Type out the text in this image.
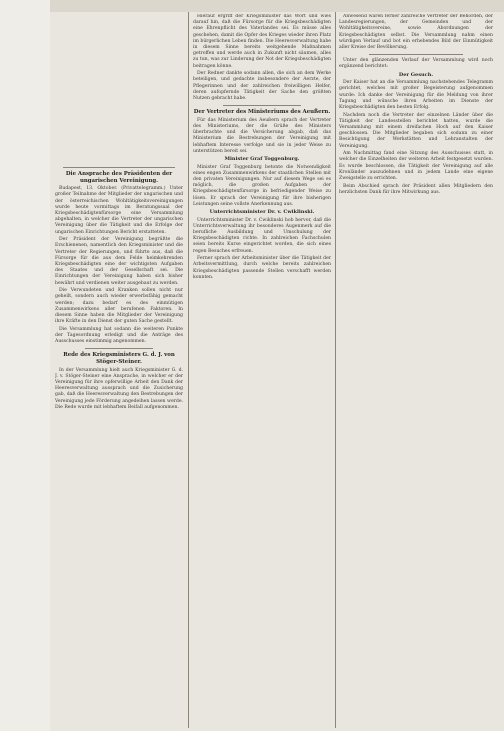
Die Ansprache des Präsidenten der ungarischen Vereinigung.

Budapest, 13. Oktober. (Privattelegramm.) Unter großer Teilnahme der Mitglieder der ungarischen und der österreichischen Wohltätigkeitsvereinigungen wurde heute vormittags im Beratungssaal der Kriegsbeschädigtenfürsorge eine Versammlung abgehalten, in welcher die Vertreter der ungarischen Vereinigung über die Tätigkeit und die Erfolge der ungarischen Einrichtungen Bericht erstatteten.

Der Präsident der Vereinigung begrüßte die Erschienenen, namentlich den Kriegsminister und die Vertreter der Regierungen, und führte aus, daß die Fürsorge für die aus dem Felde heimkehrenden Kriegsbeschädigten eine der wichtigsten Aufgaben des Staates und der Gesellschaft sei. Die Einrichtungen der Vereinigung haben sich bisher bewährt und verdienen weiter ausgebaut zu werden.

Die Verwundeten und Kranken sollen nicht nur geheilt, sondern auch wieder erwerbsfähig gemacht werden; dazu bedarf es des einmütigen Zusammenwirkens aller berufenen Faktoren. In diesem Sinne haben die Mitglieder der Vereinigung ihre Kräfte in den Dienst der guten Sache gestellt.

Die Versammlung hat sodann die weiteren Punkte der Tagesordnung erledigt und die Anträge des Ausschusses einstimmig angenommen.

Rede des Kriegsministers G. d. J. von Stöger-Steiner.

In der Versammlung hielt auch Kriegsminister G. d. J. v. Stöger-Steiner eine Ansprache, in welcher er der Vereinigung für ihre opferwillige Arbeit den Dank der Heeresverwaltung aussprach und die Zusicherung gab, daß die Heeresverwaltung den Bestrebungen der Vereinigung jede Förderung angedeihen lassen werde. Die Rede wurde mit lebhaftem Beifall aufgenommen.

Hierauf ergriff der Kriegsminister das Wort und wies darauf hin, daß die Fürsorge für die Kriegsbeschädigten eine Ehrenpflicht des Vaterlandes sei. Es müsse alles geschehen, damit die Opfer des Krieges wieder ihren Platz im bürgerlichen Leben finden. Die Heeresverwaltung habe in diesem Sinne bereits weitgehende Maßnahmen getroffen und werde auch in Zukunft nicht säumen, alles zu tun, was zur Linderung der Not der Kriegsbeschädigten beitragen könne.

Der Redner dankte sodann allen, die sich an dem Werke beteiligen, und gedachte insbesondere der Aerzte, der Pflegerinnen und der zahlreichen freiwilligen Helfer, deren aufopfernde Tätigkeit der Sache den größten Nutzen gebracht habe.

Der Vertreter des Ministeriums des Aeußern.

Für das Ministerium des Aeußern sprach der Vertreter des Ministeriums, der die Grüße des Ministers überbrachte und die Versicherung abgab, daß das Ministerium die Bestrebungen der Vereinigung mit lebhaftem Interesse verfolge und sie in jeder Weise zu unterstützen bereit sei.

Minister Graf Toggenburg.

Minister Graf Toggenburg betonte die Notwendigkeit eines engen Zusammenwirkens der staatlichen Stellen mit den privaten Vereinigungen. Nur auf diesem Wege sei es möglich, die großen Aufgaben der Kriegsbeschädigtenfürsorge in befriedigender Weise zu lösen. Er sprach der Vereinigung für ihre bisherigen Leistungen seine vollste Anerkennung aus.

Unterrichtsminister Dr. v. Cwiklinski.

Unterrichtsminister Dr. v. Cwiklinski hob hervor, daß die Unterrichtsverwaltung ihr besonderes Augenmerk auf die berufliche Ausbildung und Umschulung der Kriegsbeschädigten richte. In zahlreichen Fachschulen seien bereits Kurse eingerichtet worden, die sich eines regen Besuches erfreuen.

Ferner sprach der Arbeitsminister über die Tätigkeit der Arbeitsvermittlung, durch welche bereits zahlreichen Kriegsbeschädigten passende Stellen verschafft werden konnten.

Anwesend waren ferner zahlreiche Vertreter der Behörden, der Landesregierungen, der Gemeinden und der Wohltätigkeitsvereine, sowie Abordnungen der Kriegsbeschädigten selbst. Die Versammlung nahm einen würdigen Verlauf und bot ein erhebendes Bild der Einmütigkeit aller Kreise der Bevölkerung.

Unter den glänzenden Verlauf der Versammlung wird noch ergänzend berichtet:

Der Gesuch.

Der Kaiser hat an die Versammlung nachstehendes Telegramm gerichtet, welches mit großer Begeisterung aufgenommen wurde: Ich danke der Vereinigung für die Meldung von ihrer Tagung und wünsche ihren Arbeiten im Dienste der Kriegsbeschädigten den besten Erfolg.

Nachdem noch die Vertreter der einzelnen Länder über die Tätigkeit der Landesstellen berichtet hatten, wurde die Versammlung mit einem dreifachen Hoch auf den Kaiser geschlossen. Die Mitglieder begaben sich sodann zu einer Besichtigung der Werkstätten und Lehranstalten der Vereinigung.

Am Nachmittag fand eine Sitzung des Ausschusses statt, in welcher die Einzelheiten der weiteren Arbeit festgesetzt wurden. Es wurde beschlossen, die Tätigkeit der Vereinigung auf alle Kronländer auszudehnen und in jedem Lande eine eigene Zweigstelle zu errichten.

Beim Abschied sprach der Präsident allen Mitgliedern den herzlichsten Dank für ihre Mitwirkung aus.
